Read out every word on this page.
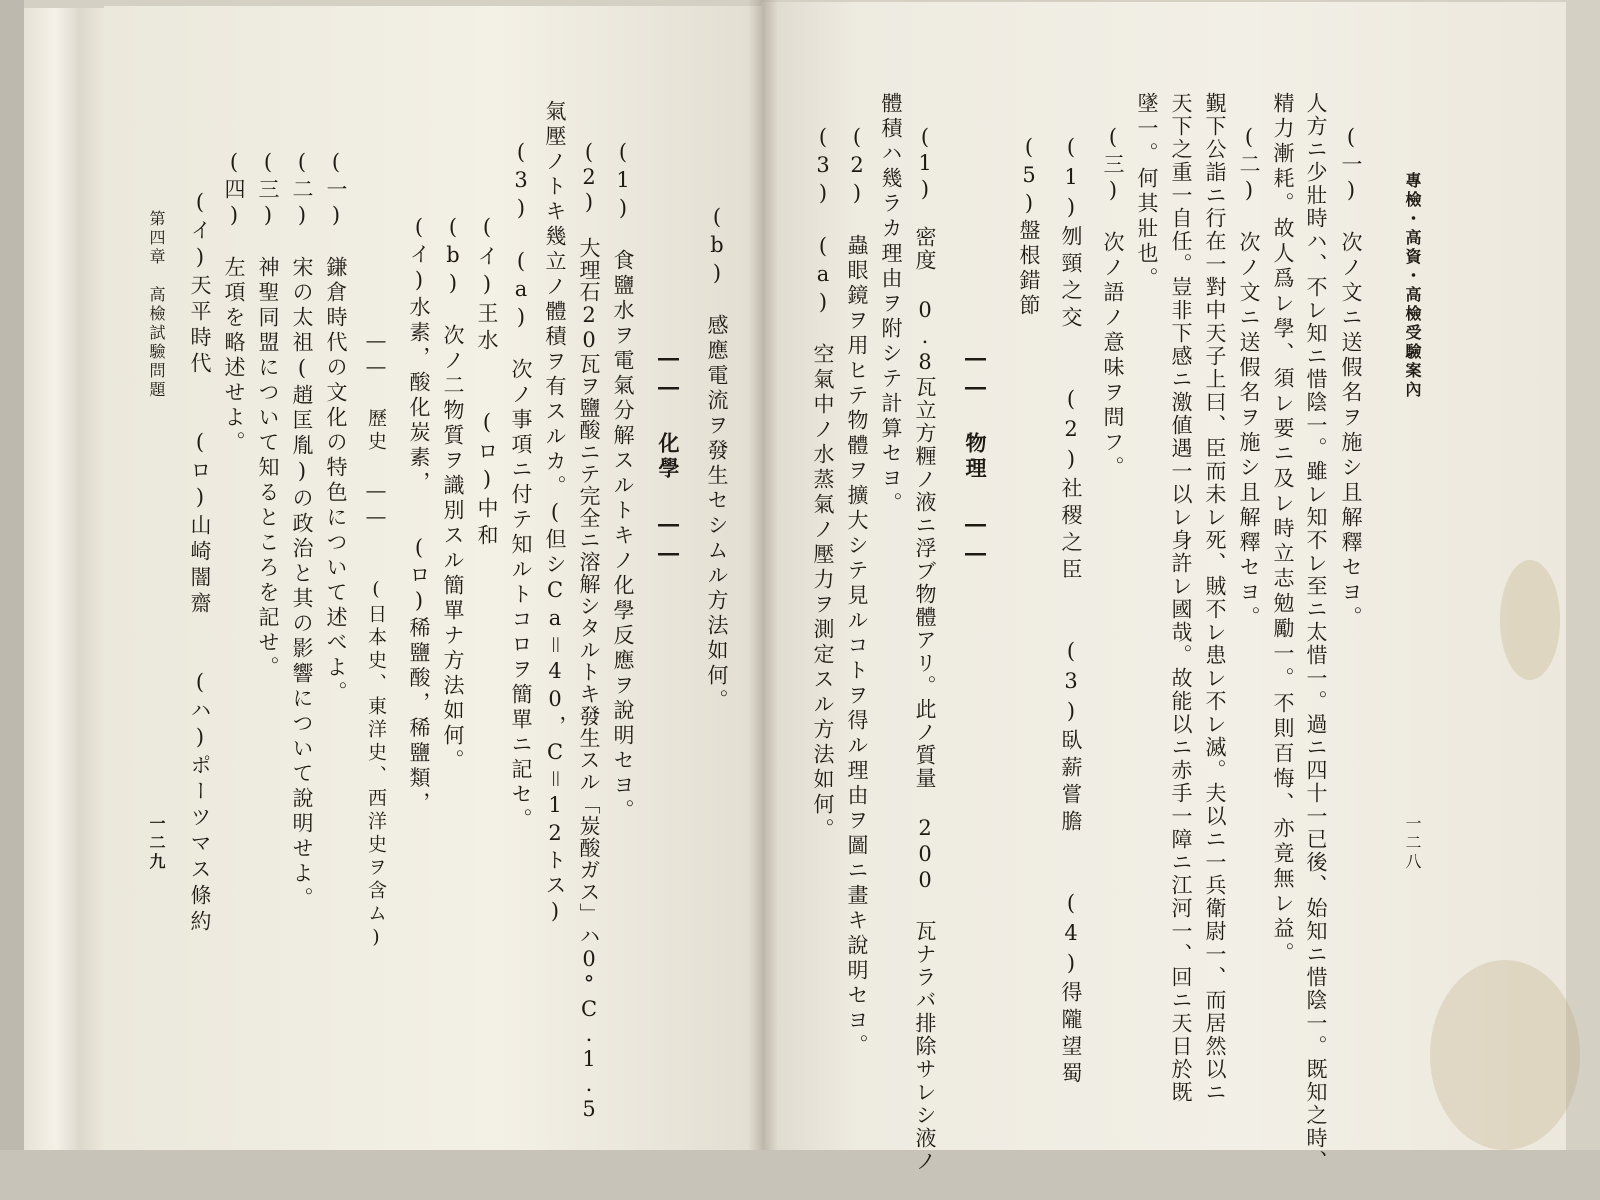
專檢・高資・高檢受驗案內
一二八
(一)　次ノ文ニ送假名ヲ施シ且解釋セヨ。
人方ニ少壯時ハ、不レ知ニ惜陰一。雖レ知不レ至ニ太惜一。過ニ四十一已後、始知ニ惜陰一。既知之時、
精力漸耗。故人爲レ學、須レ要ニ及レ時立志勉勵一。不則百悔、亦竟無レ益。
(二)　次ノ文ニ送假名ヲ施シ且解釋セヨ。
覲下公詣ニ行在一對中天子上曰、臣而未レ死、賊不レ患レ不レ滅。夫以ニ一兵衛尉一、而居然以ニ
天下之重一自任。豈非下感ニ激値遇一以レ身許レ國哉。故能以ニ赤手一障ニ江河一、回ニ天日於既
墜一。何其壯也。
(三)　次ノ語ノ意味ヲ問フ。
(1)刎頸之交　　(2)社稷之臣　　(3)臥薪嘗膽　　(4)得隴望蜀
(5)盤根錯節
―― 物理 ――
(1)　密度 0.8瓦立方糎ノ液ニ浮ブ物體アリ。此ノ質量 200 瓦ナラバ排除サレシ液ノ
體積ハ幾ラカ理由ヲ附シテ計算セヨ。
(2)　蟲眼鏡ヲ用ヒテ物體ヲ擴大シテ見ルコトヲ得ル理由ヲ圖ニ畫キ說明セヨ。
(3)　(a)　空氣中ノ水蒸氣ノ壓力ヲ測定スル方法如何。
(b)　感應電流ヲ發生セシムル方法如何。
―― 化學 ――
(1)　食鹽水ヲ電氣分解スルトキノ化學反應ヲ說明セヨ。
(2)　大理石20瓦ヲ鹽酸ニテ完全ニ溶解シタルトキ發生スル「炭酸ガス」ハ0°C.1.5
氣壓ノトキ幾立ノ體積ヲ有スルカ。(但シCa＝40，C＝12トス)
(3)　(a)　次ノ事項ニ付テ知ルトコロヲ簡單ニ記セ。
(イ)王水　　(ロ)中和
(b)　次ノ二物質ヲ識別スル簡單ナ方法如何。
(イ)水素，酸化炭素，　　(ロ)稀鹽酸，稀鹽類，
―― 歷史 ――　　(日本史、東洋史、西洋史ヲ含ム)
(一)　鎌倉時代の文化の特色について述べよ。
(二)　宋の太祖(趙匡胤)の政治と其の影響について說明せよ。
(三)　神聖同盟について知るところを記せ。
(四)　左項を略述せよ。
(イ)天平時代　　(ロ)山崎闇齋　　(ハ)ポーツマス條約
第四章　高檢試驗問題
一二九
